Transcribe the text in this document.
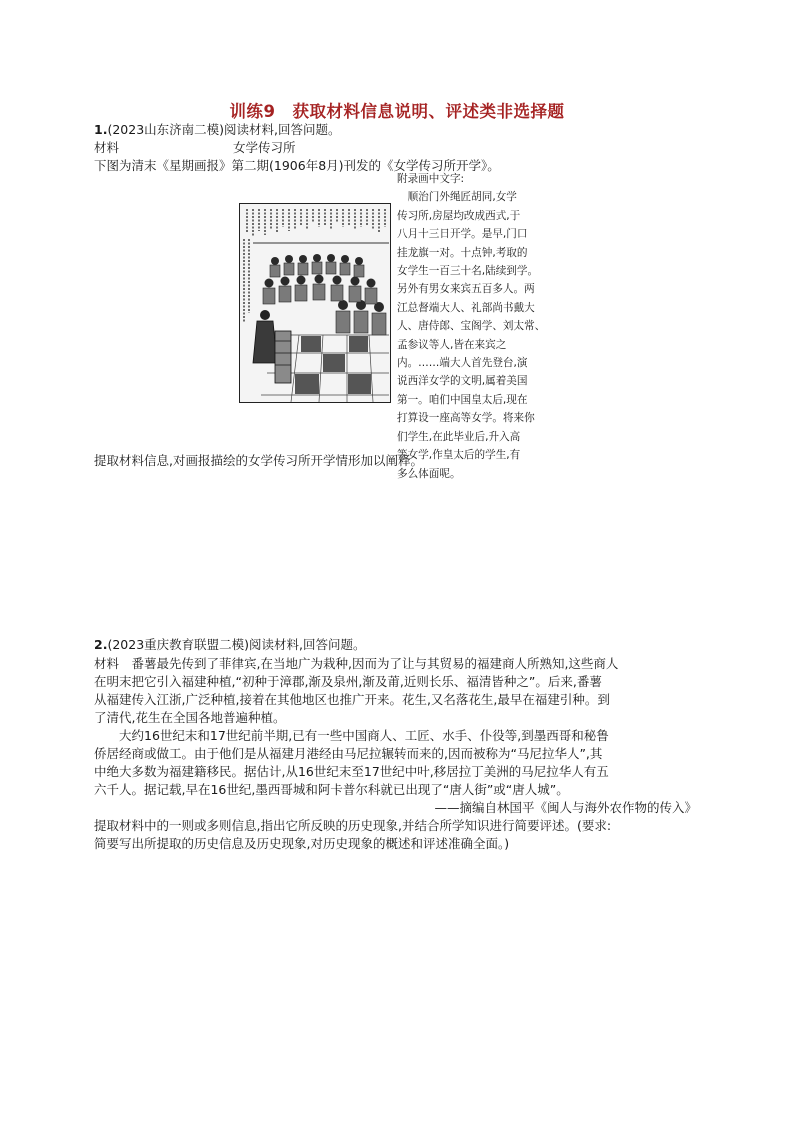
训练9　获取材料信息说明、评述类非选择题
1.(2023山东济南二模)阅读材料,回答问题。
材料	女学传习所
下图为清末《星期画报》第二期(1906年8月)刊发的《女学传习所开学》。
附录画中文字:
　顺治门外绳匠胡同,女学
传习所,房屋均改成西式,于
八月十三日开学。是早,门口
挂龙旗一对。十点钟,考取的
女学生一百三十名,陆续到学。
另外有男女来宾五百多人。两
江总督端大人、礼部尚书戴大
人、唐侍郎、宝阁学、刘太常、
孟参议等人,皆在来宾之
内。……端大人首先登台,演
说西洋女学的文明,属着美国
第一。咱们中国皇太后,现在
打算设一座高等女学。将来你
们学生,在此毕业后,升入高
等女学,作皇太后的学生,有
多么体面呢。
提取材料信息,对画报描绘的女学传习所开学情形加以阐释。
2.(2023重庆教育联盟二模)阅读材料,回答问题。
材料　番薯最先传到了菲律宾,在当地广为栽种,因而为了让与其贸易的福建商人所熟知,这些商人
在明末把它引入福建种植,“初种于漳郡,渐及泉州,渐及莆,近则长乐、福清皆种之”。后来,番薯
从福建传入江浙,广泛种植,接着在其他地区也推广开来。花生,又名落花生,最早在福建引种。到
了清代,花生在全国各地普遍种植。
　　大约16世纪末和17世纪前半期,已有一些中国商人、工匠、水手、仆役等,到墨西哥和秘鲁
侨居经商或做工。由于他们是从福建月港经由马尼拉辗转而来的,因而被称为“马尼拉华人”,其
中绝大多数为福建籍移民。据估计,从16世纪末至17世纪中叶,移居拉丁美洲的马尼拉华人有五
六千人。据记载,早在16世纪,墨西哥城和阿卡普尔科就已出现了“唐人街”或“唐人城”。
——摘编自林国平《闽人与海外农作物的传入》
提取材料中的一则或多则信息,指出它所反映的历史现象,并结合所学知识进行简要评述。(要求:
简要写出所提取的历史信息及历史现象,对历史现象的概述和评述准确全面。)
